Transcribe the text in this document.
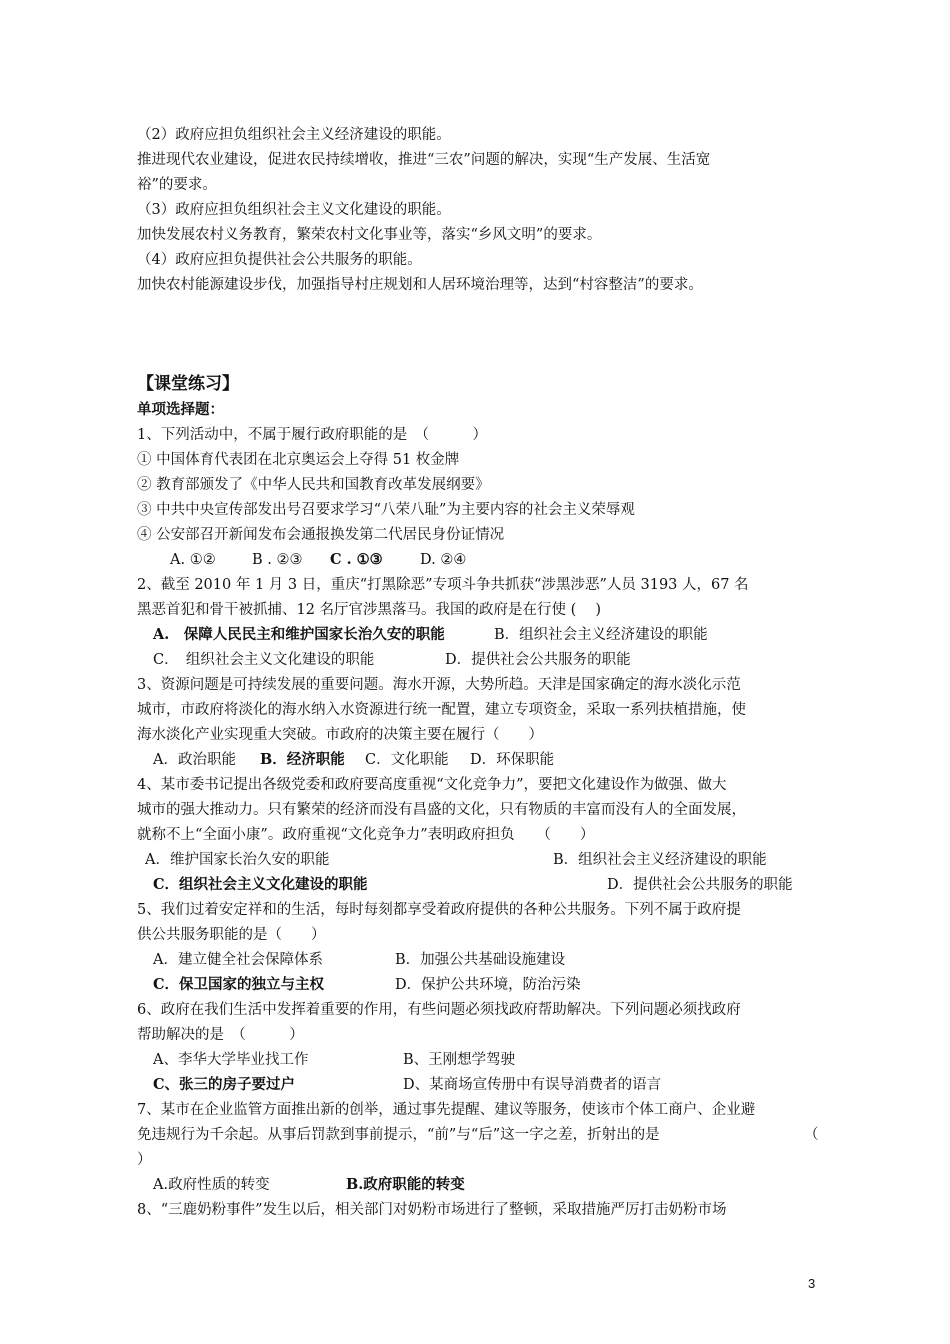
（2）政府应担负组织社会主义经济建设的职能。
推进现代农业建设，促进农民持续增收，推进“三农”问题的解决，实现“生产发展、生活宽
裕”的要求。
（3）政府应担负组织社会主义文化建设的职能。
加快发展农村义务教育，繁荣农村文化事业等，落实“乡风文明”的要求。
（4）政府应担负提供社会公共服务的职能。
加快农村能源建设步伐，加强指导村庄规划和人居环境治理等，达到“村容整洁”的要求。
【课堂练习】
单项选择题：
1、下列活动中，不属于履行政府职能的是　（　　　）
① 中国体育代表团在北京奥运会上夺得 51 枚金牌
② 教育部颁发了《中华人民共和国教育改革发展纲要》
③ 中共中央宣传部发出号召要求学习“八荣八耻”为主要内容的社会主义荣辱观
④ 公安部召开新闻发布会通报换发第二代居民身份证情况
A. ①②	B . ②③ C . ①③	D. ②④
2、截至 2010 年 1 月 3 日，重庆“打黑除恶”专项斗争共抓获“涉黑涉恶”人员 3193 人，67 名
黑恶首犯和骨干被抓捕、12 名厅官涉黑落马。我国的政府是在行使 (　 )
A.　保障人民民主和维护国家长治久安的职能	B．组织社会主义经济建设的职能
C．　组织社会主义文化建设的职能	D．提供社会公共服务的职能
3、资源问题是可持续发展的重要问题。海水开源，大势所趋。天津是国家确定的海水淡化示范
城市，市政府将淡化的海水纳入水资源进行统一配置，建立专项资金，采取一系列扶植措施，使
海水淡化产业实现重大突破。市政府的决策主要在履行（　　）
A．政治职能 B．经济职能 C．文化职能 D．环保职能
4、某市委书记提出各级党委和政府要高度重视“文化竞争力”，要把文化建设作为做强、做大
城市的强大推动力。只有繁荣的经济而没有昌盛的文化，只有物质的丰富而没有人的全面发展，
就称不上“全面小康”。政府重视“文化竞争力”表明政府担负　　（　　）
A．维护国家长治久安的职能	B．组织社会主义经济建设的职能
C．组织社会主义文化建设的职能	D．提供社会公共服务的职能
5、我们过着安定祥和的生活，每时每刻都享受着政府提供的各种公共服务。下列不属于政府提
供公共服务职能的是（　　）
A．建立健全社会保障体系	B．加强公共基础设施建设
C．保卫国家的独立与主权	D．保护公共环境，防治污染
6、政府在我们生活中发挥着重要的作用，有些问题必须找政府帮助解决。下列问题必须找政府
帮助解决的是　（　　　）
A、李华大学毕业找工作	B、王刚想学驾驶
C、张三的房子要过户	D、某商场宣传册中有误导消费者的语言
7、某市在企业监管方面推出新的创举，通过事先提醒、建议等服务，使该市个体工商户、企业避
免违规行为千余起。从事后罚款到事前提示，“前”与“后”这一字之差，折射出的是	（
）
A.政府性质的转变	B.政府职能的转变
8、“三鹿奶粉事件”发生以后，相关部门对奶粉市场进行了整顿，采取措施严厉打击奶粉市场
3
